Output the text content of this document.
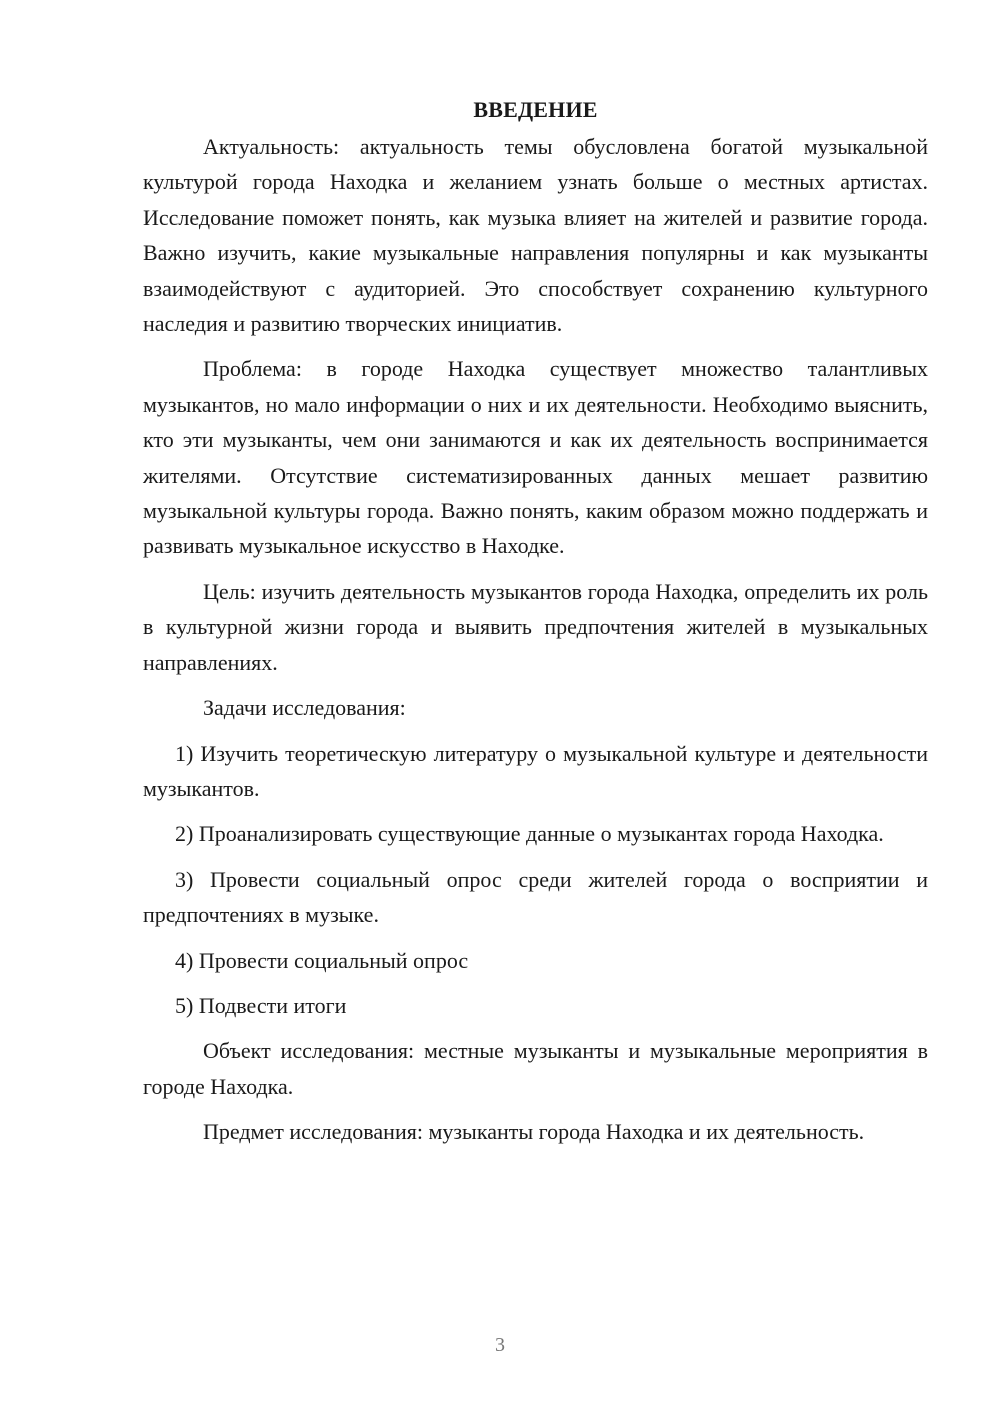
ВВЕДЕНИЕ

Актуальность: актуальность темы обусловлена богатой музыкальной культурой города Находка и желанием узнать больше о местных артистах. Исследование поможет понять, как музыка влияет на жителей и развитие города. Важно изучить, какие музыкальные направления популярны и как музыканты взаимодействуют с аудиторией. Это способствует сохранению культурного наследия и развитию творческих инициатив.

Проблема: в городе Находка существует множество талантливых музыкантов, но мало информации о них и их деятельности. Необходимо выяснить, кто эти музыканты, чем они занимаются и как их деятельность воспринимается жителями. Отсутствие систематизированных данных мешает развитию музыкальной культуры города. Важно понять, каким образом можно поддержать и развивать музыкальное искусство в Находке.

Цель: изучить деятельность музыкантов города Находка, определить их роль в культурной жизни города и выявить предпочтения жителей в музыкальных направлениях.

Задачи исследования:

1) Изучить теоретическую литературу о музыкальной культуре и деятельности музыкантов.

2) Проанализировать существующие данные о музыкантах города Находка.

3) Провести социальный опрос среди жителей города о восприятии и предпочтениях в музыке.

4) Провести социальный опрос

5) Подвести итоги

Объект исследования: местные музыканты и музыкальные мероприятия в городе Находка.

Предмет исследования: музыканты города Находка и их деятельность.

3
